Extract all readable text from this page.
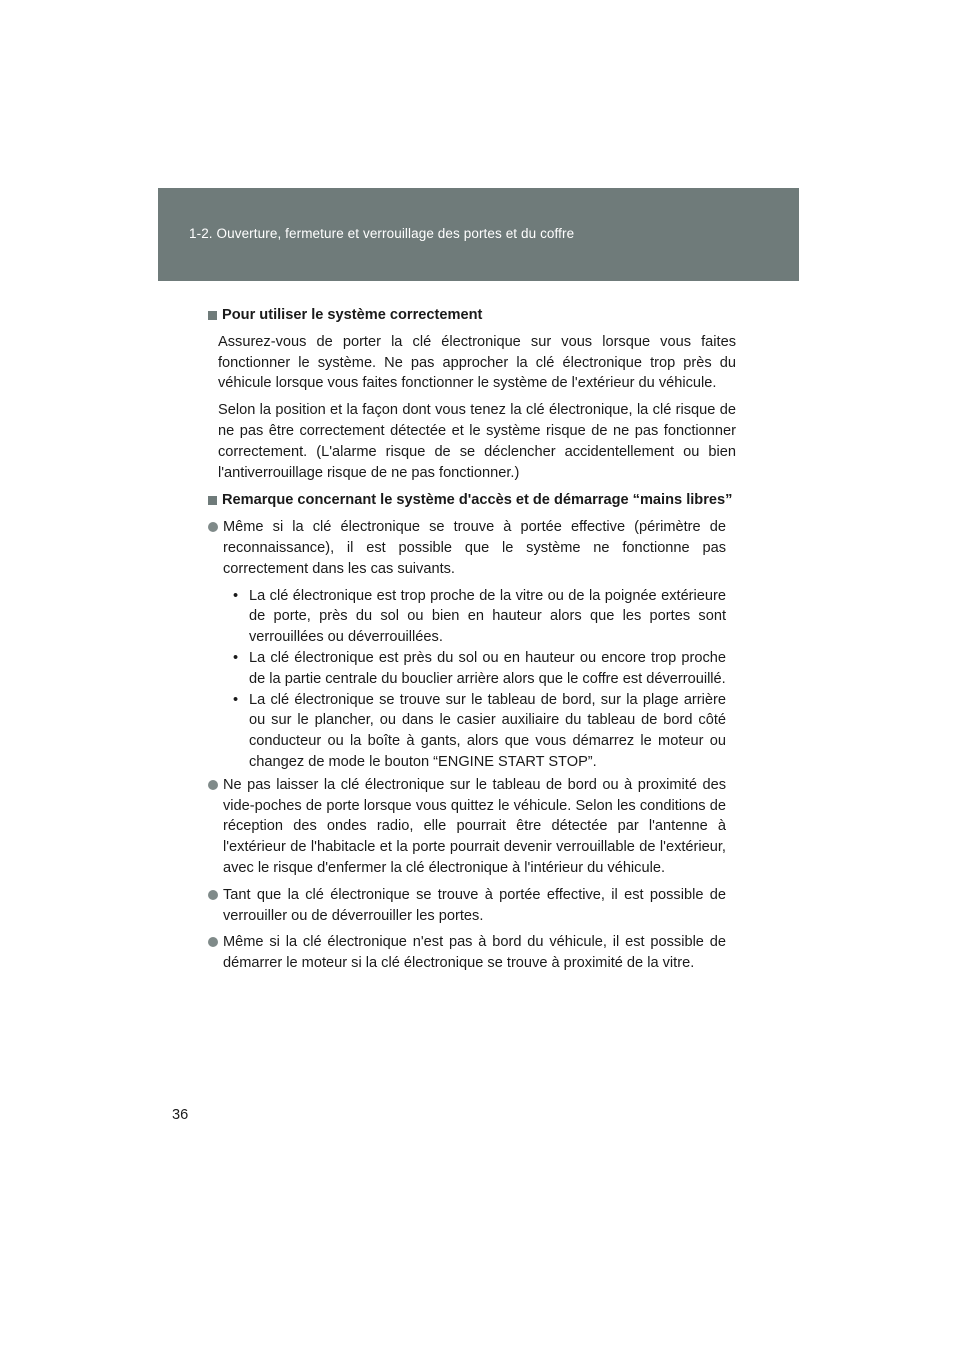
1-2. Ouverture, fermeture et verrouillage des portes et du coffre
Pour utiliser le système correctement
Assurez-vous de porter la clé électronique sur vous lorsque vous faites fonctionner le système. Ne pas approcher la clé électronique trop près du véhicule lorsque vous faites fonctionner le système de l'extérieur du véhicule.
Selon la position et la façon dont vous tenez la clé électronique, la clé risque de ne pas être correctement détectée et le système risque de ne pas fonctionner correctement. (L'alarme risque de se déclencher accidentellement ou bien l'antiverrouillage risque de ne pas fonctionner.)
Remarque concernant le système d'accès et de démarrage “mains libres”
Même si la clé électronique se trouve à portée effective (périmètre de reconnaissance), il est possible que le système ne fonctionne pas correctement dans les cas suivants.
• La clé électronique est trop proche de la vitre ou de la poignée extérieure de porte, près du sol ou bien en hauteur alors que les portes sont verrouillées ou déverrouillées.
• La clé électronique est près du sol ou en hauteur ou encore trop proche de la partie centrale du bouclier arrière alors que le coffre est déverrouillé.
• La clé électronique se trouve sur le tableau de bord, sur la plage arrière ou sur le plancher, ou dans le casier auxiliaire du tableau de bord côté conducteur ou la boîte à gants, alors que vous démarrez le moteur ou changez de mode le bouton “ENGINE START STOP”.
Ne pas laisser la clé électronique sur le tableau de bord ou à proximité des vide-poches de porte lorsque vous quittez le véhicule. Selon les conditions de réception des ondes radio, elle pourrait être détectée par l'antenne à l'extérieur de l'habitacle et la porte pourrait devenir verrouillable de l'extérieur, avec le risque d'enfermer la clé électronique à l'intérieur du véhicule.
Tant que la clé électronique se trouve à portée effective, il est possible de verrouiller ou de déverrouiller les portes.
Même si la clé électronique n'est pas à bord du véhicule, il est possible de démarrer le moteur si la clé électronique se trouve à proximité de la vitre.
36
